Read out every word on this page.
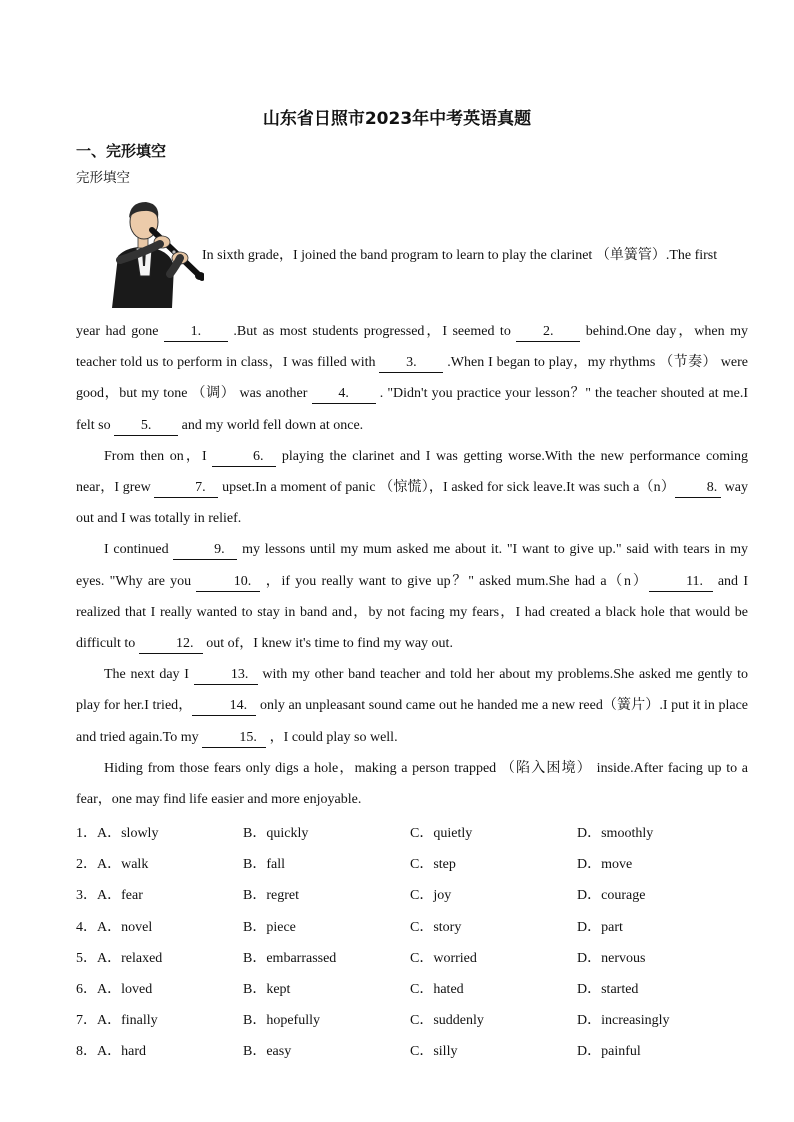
山东省日照市2023年中考英语真题
一、完形填空
完形填空
In sixth grade，I joined the band program to learn to play the clarinet （单簧管）.The first

year had gone 1. .But as most students progressed，I seemed to 2. behind.One day，when my teacher told us to perform in class，I was filled with 3. .When I began to play，my rhythms （节奏） were good，but my tone （调） was another 4. . "Didn't you practice your lesson？" the teacher shouted at me.I felt so 5. and my world fell down at once.

From then on，I	6. playing the clarinet and I was getting worse.With the new performance coming near，I grew	7. upset.In a moment of panic （惊慌），I asked for sick leave.It was such a（n） 8. way out and I was totally in relief.

I continued	9. my lessons until my mum asked me about it. "I want to give up." said with tears in my eyes. "Why are you	10. ，if you really want to give up？" asked mum.She had a（n）	11. and I realized that I really wanted to stay in band and，by not facing my fears，I had created a black hole that would be difficult to	12. out of，I knew it's time to find my way out.

The next day I	13. with my other band teacher and told her about my problems.She asked me gently to play for her.I tried，	14. only an unpleasant sound came out he handed me a new reed（簧片）.I put it in place and tried again.To my	15. ，I could play so well.

Hiding from those fears only digs a hole，making a person trapped （陷入困境） inside.After facing up to a fear，one may find life easier and more enjoyable.

1．A．slowly	B．quickly	C．quietly	D．smoothly
2．A．walk	B．fall	C．step	D．move
3．A．fear	B．regret	C．joy	D．courage
4．A．novel	B．piece	C．story	D．part
5．A．relaxed	B．embarrassed	C．worried	D．nervous
6．A．loved	B．kept	C．hated	D．started
7．A．finally	B．hopefully	C．suddenly	D．increasingly
8．A．hard	B．easy	C．silly	D．painful
